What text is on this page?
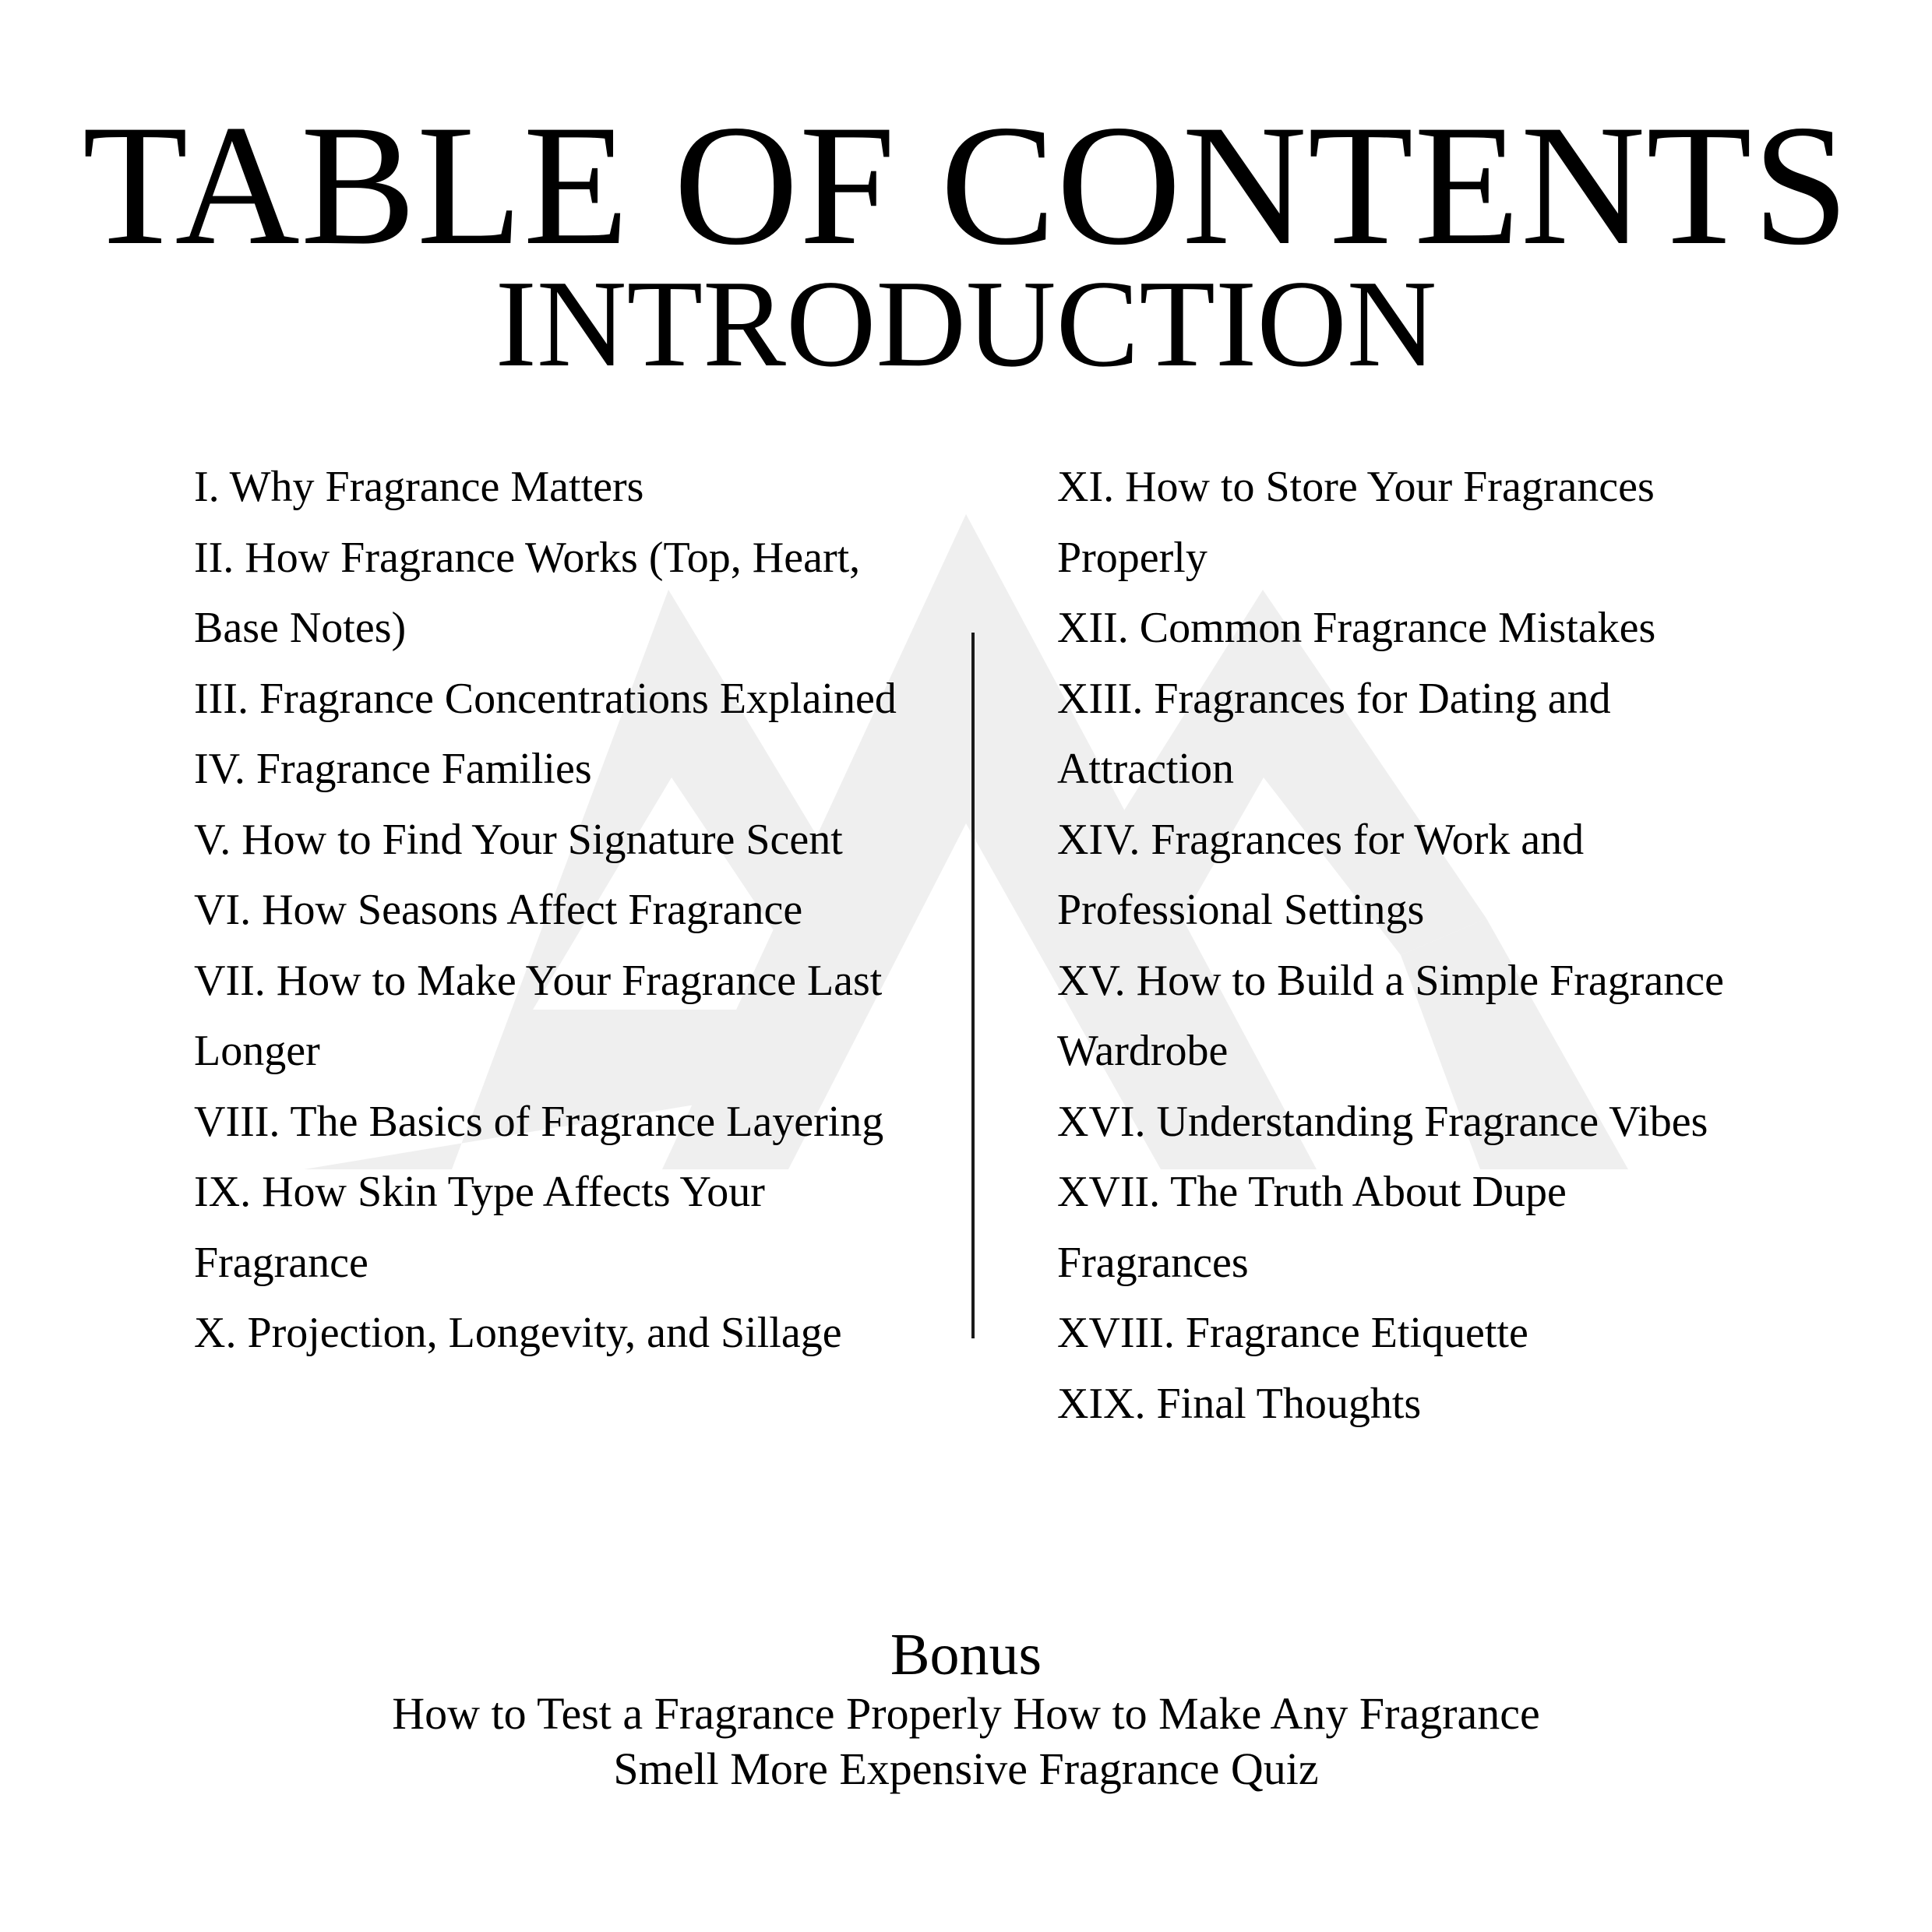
TABLE OF CONTENTS
INTRODUCTION
I. Why Fragrance Matters
II. How Fragrance Works (Top, Heart, Base Notes)
III. Fragrance Concentrations Explained
IV. Fragrance Families
V. How to Find Your Signature Scent
VI. How Seasons Affect Fragrance
VII. How to Make Your Fragrance Last Longer
VIII. The Basics of Fragrance Layering
IX. How Skin Type Affects Your Fragrance
X. Projection, Longevity, and Sillage
XI. How to Store Your Fragrances Properly
XII. Common Fragrance Mistakes
XIII. Fragrances for Dating and Attraction
XIV. Fragrances for Work and Professional Settings
XV. How to Build a Simple Fragrance Wardrobe
XVI. Understanding Fragrance Vibes
XVII. The Truth About Dupe Fragrances
XVIII. Fragrance Etiquette
XIX. Final Thoughts
Bonus
How to Test a Fragrance Properly How to Make Any Fragrance Smell More Expensive Fragrance Quiz
